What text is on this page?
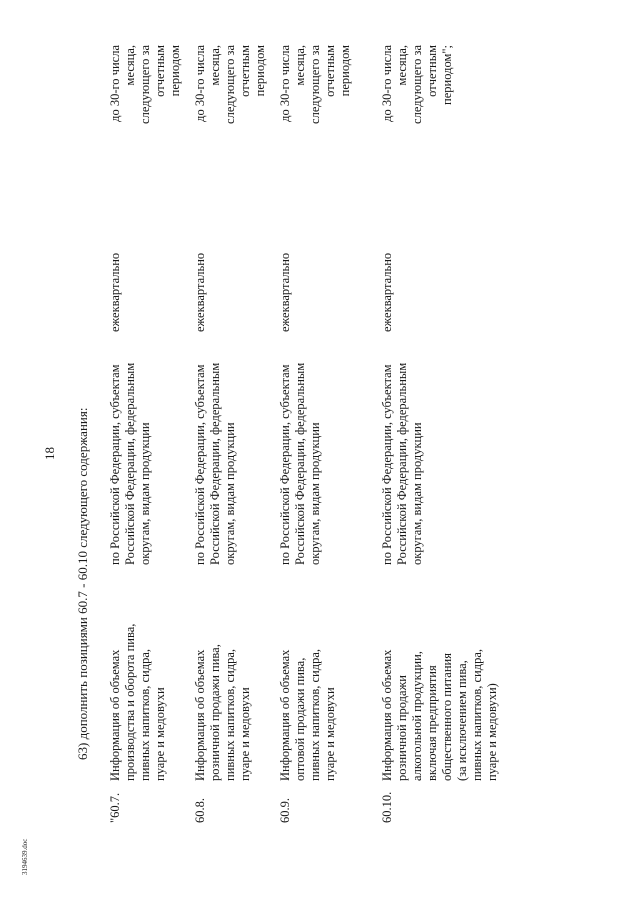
18 63) дополнить позициями 60.7 - 60.10 следующего содержания:
"60.7.
Информация об объемах производства и оборота пива, пивных напитков, сидра, пуаре и медовухи
по Российской Федерации, субъектам Российской Федерации, федеральным округам, видам продукции
ежеквартально
до 30-го числа месяца, следующего за отчетным периодом
60.8.
Информация об объемах розничной продажи пива, пивных напитков, сидра, пуаре и медовухи
по Российской Федерации, субъектам Российской Федерации, федеральным округам, видам продукции
ежеквартально
до 30-го числа месяца, следующего за отчетным периодом
60.9.
Информация об объемах оптовой продажи пива, пивных напитков, сидра, пуаре и медовухи
по Российской Федерации, субъектам Российской Федерации, федеральным округам, видам продукции
ежеквартально
до 30-го числа месяца, следующего за отчетным периодом
60.10.
Информация об объемах розничной продажи алкогольной продукции, включая предприятия общественного питания (за исключением пива, пивных напитков, сидра, пуаре и медовухи)
по Российской Федерации, субъектам Российской Федерации, федеральным округам, видам продукции
ежеквартально
до 30-го числа месяца, следующего за отчетным периодом";
3194639.doc
